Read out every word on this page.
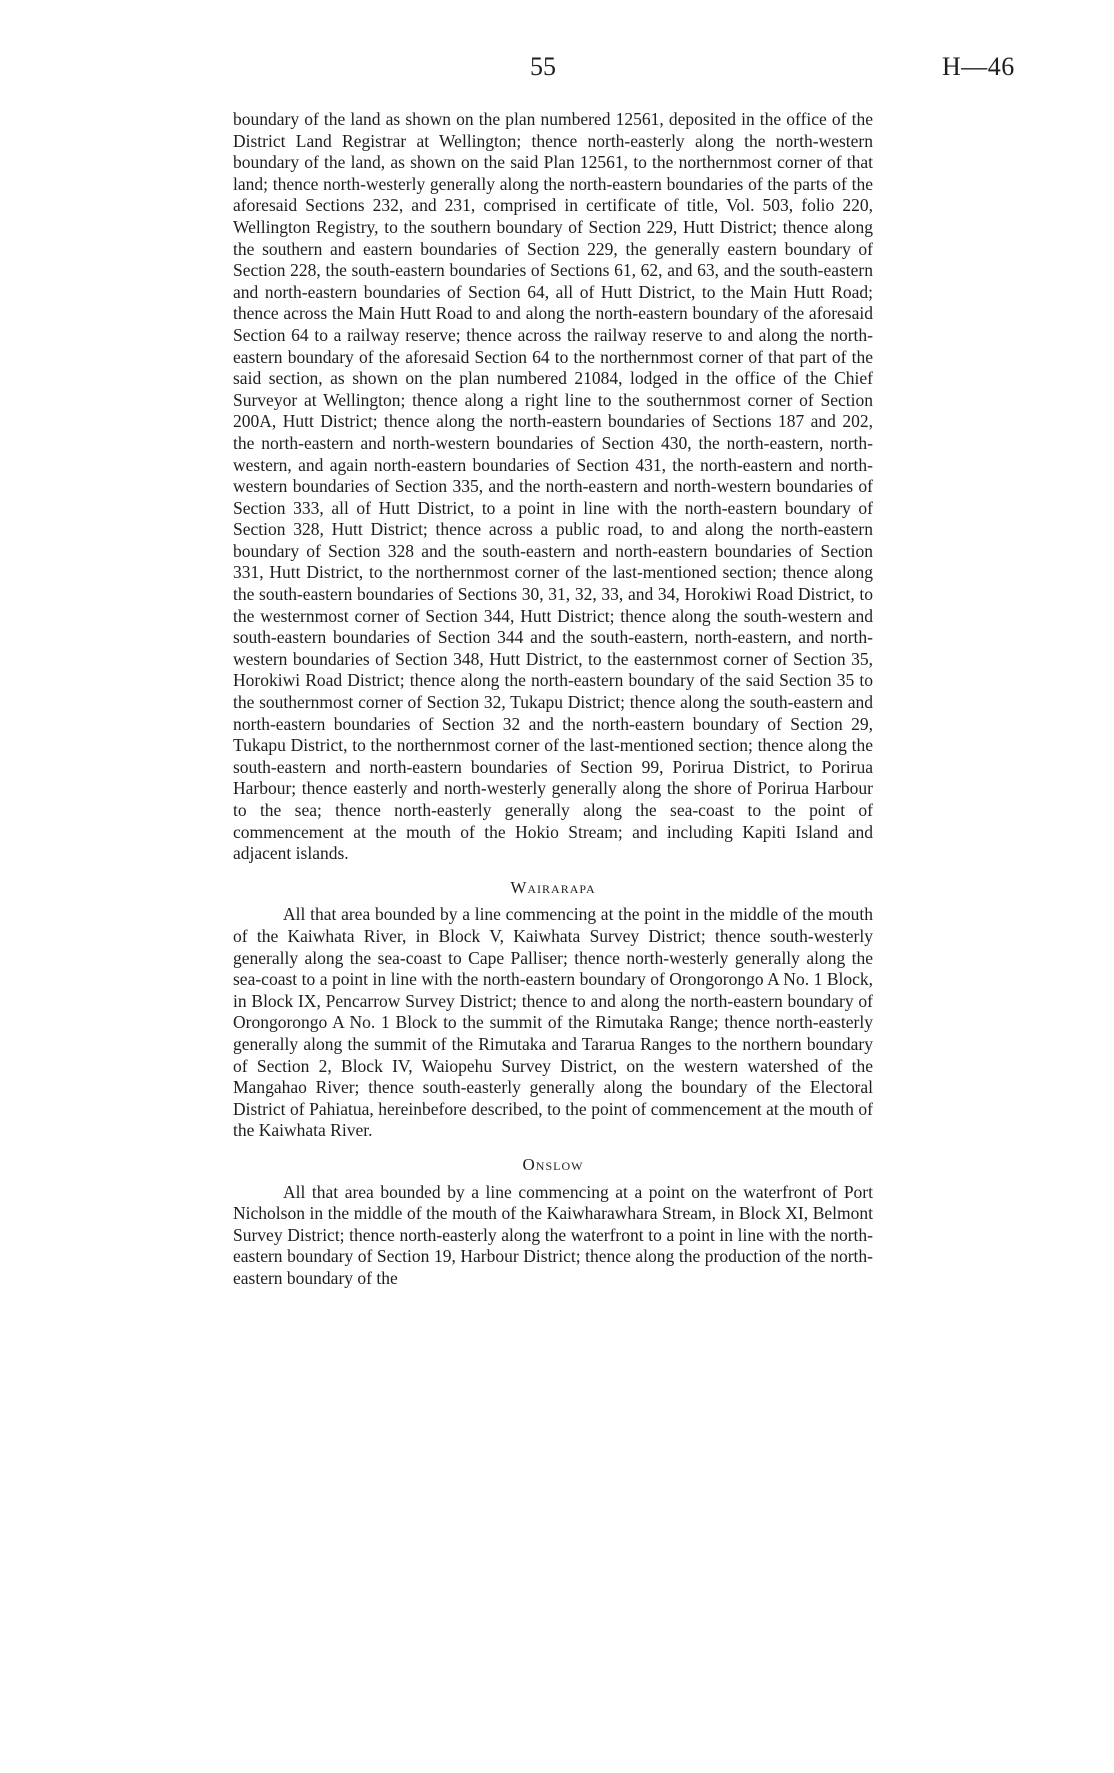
55	H—46

boundary of the land as shown on the plan numbered 12561, deposited in the office of the District Land Registrar at Wellington; thence north-easterly along the north-western boundary of the land, as shown on the said Plan 12561, to the northernmost corner of that land; thence north-westerly generally along the north-eastern boundaries of the parts of the aforesaid Sections 232, and 231, comprised in certificate of title, Vol. 503, folio 220, Wellington Registry, to the southern boundary of Section 229, Hutt District; thence along the southern and eastern boundaries of Section 229, the generally eastern boundary of Section 228, the south-eastern boundaries of Sections 61, 62, and 63, and the south-eastern and north-eastern boundaries of Section 64, all of Hutt District, to the Main Hutt Road; thence across the Main Hutt Road to and along the north-eastern boundary of the aforesaid Section 64 to a railway reserve; thence across the railway reserve to and along the north-eastern boundary of the aforesaid Section 64 to the northernmost corner of that part of the said section, as shown on the plan numbered 21084, lodged in the office of the Chief Surveyor at Wellington; thence along a right line to the southernmost corner of Section 200A, Hutt District; thence along the north-eastern boundaries of Sections 187 and 202, the north-eastern and north-western boundaries of Section 430, the north-eastern, north-western, and again north-eastern boundaries of Section 431, the north-eastern and north-western boundaries of Section 335, and the north-eastern and north-western boundaries of Section 333, all of Hutt District, to a point in line with the north-eastern boundary of Section 328, Hutt District; thence across a public road, to and along the north-eastern boundary of Section 328 and the south-eastern and north-eastern boundaries of Section 331, Hutt District, to the northernmost corner of the last-mentioned section; thence along the south-eastern boundaries of Sections 30, 31, 32, 33, and 34, Horokiwi Road District, to the westernmost corner of Section 344, Hutt District; thence along the south-western and south-eastern boundaries of Section 344 and the south-eastern, north-eastern, and north-western boundaries of Section 348, Hutt District, to the easternmost corner of Section 35, Horokiwi Road District; thence along the north-eastern boundary of the said Section 35 to the southernmost corner of Section 32, Tukapu District; thence along the south-eastern and north-eastern boundaries of Section 32 and the north-eastern boundary of Section 29, Tukapu District, to the northernmost corner of the last-mentioned section; thence along the south-eastern and north-eastern boundaries of Section 99, Porirua District, to Porirua Harbour; thence easterly and north-westerly generally along the shore of Porirua Harbour to the sea; thence north-easterly generally along the sea-coast to the point of commencement at the mouth of the Hokio Stream; and including Kapiti Island and adjacent islands.

Wairarapa

All that area bounded by a line commencing at the point in the middle of the mouth of the Kaiwhata River, in Block V, Kaiwhata Survey District; thence south-westerly generally along the sea-coast to Cape Palliser; thence north-westerly generally along the sea-coast to a point in line with the north-eastern boundary of Orongorongo A No. 1 Block, in Block IX, Pencarrow Survey District; thence to and along the north-eastern boundary of Orongorongo A No. 1 Block to the summit of the Rimutaka Range; thence north-easterly generally along the summit of the Rimutaka and Tararua Ranges to the northern boundary of Section 2, Block IV, Waiopehu Survey District, on the western watershed of the Mangahao River; thence south-easterly generally along the boundary of the Electoral District of Pahiatua, hereinbefore described, to the point of commencement at the mouth of the Kaiwhata River.

Onslow

All that area bounded by a line commencing at a point on the waterfront of Port Nicholson in the middle of the mouth of the Kaiwharawhara Stream, in Block XI, Belmont Survey District; thence north-easterly along the waterfront to a point in line with the north-eastern boundary of Section 19, Harbour District; thence along the production of the north-eastern boundary of the
